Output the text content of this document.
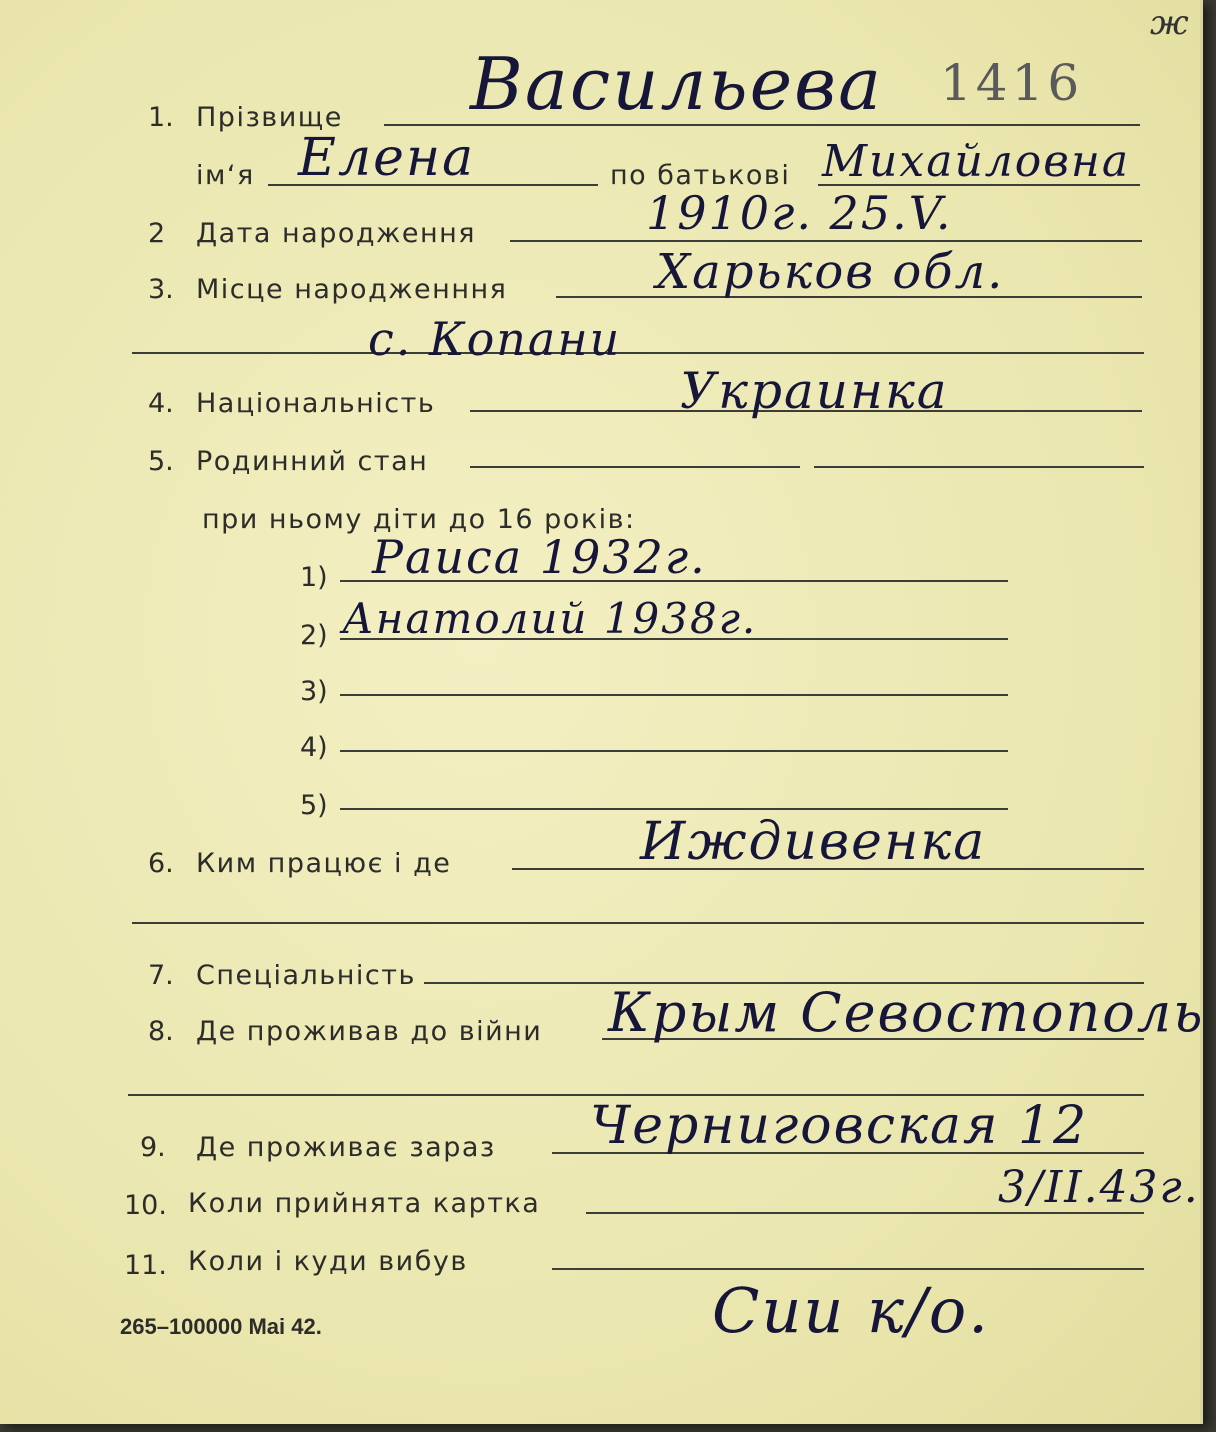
ж
1416
1. Прізвище Васильева
ім‘я Елена	по батькові Михайловна
2 Дата народження	1910г. 25.V.
3. Місце народженння	Харьков обл.
с. Копани
4. Національність	Украинка
5. Родинний стан
при ньому діти до 16 років:
1) Раиса 1932г.
2) Анатолий 1938г.
3)
4)
5)
6. Ким працює і де	Иждивенка
7. Спеціальність
8. Де проживав до війни Крым Севостополь
9. Де проживає зараз Черниговская 12
10. Коли прийнята картка	3/II.43г.
11. Коли і куди вибув
Сии к/о.
265–100000 Mai 42.
